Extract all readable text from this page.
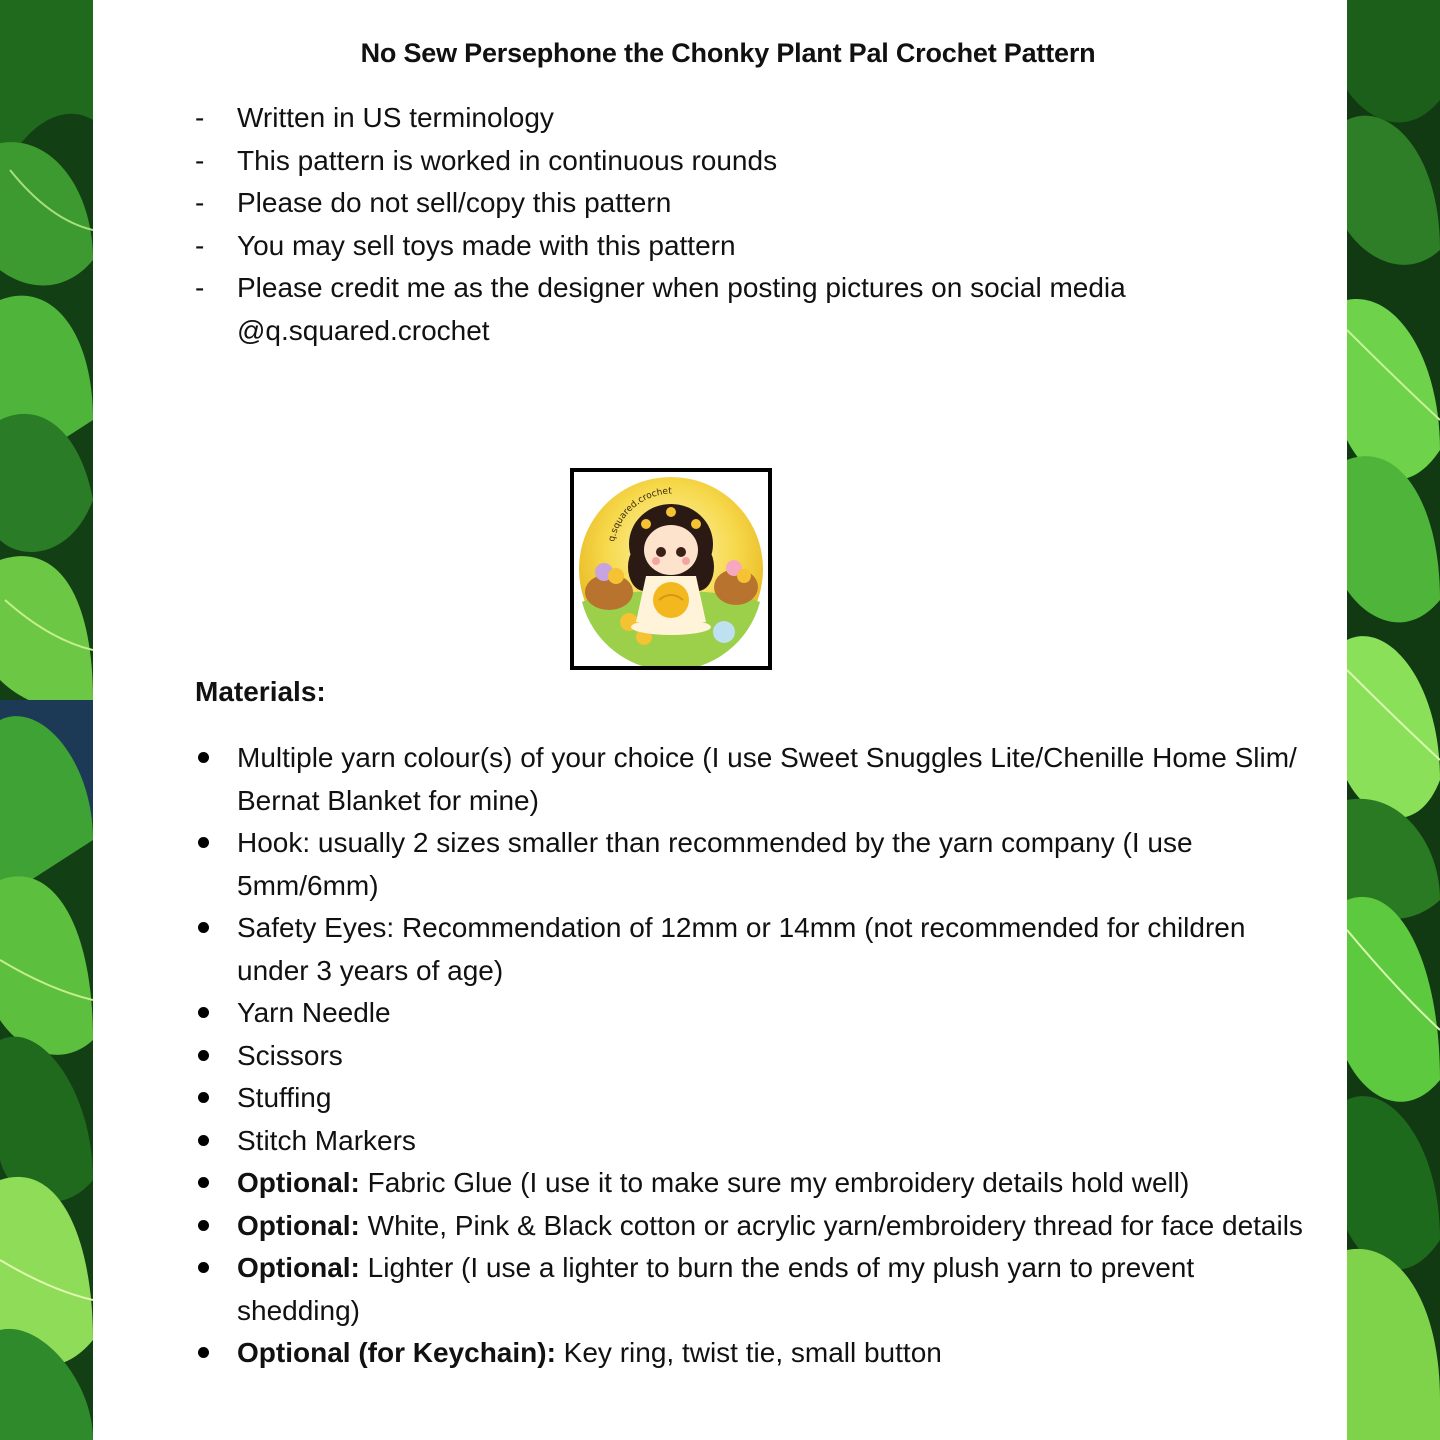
No Sew Persephone the Chonky Plant Pal Crochet Pattern
- Written in US terminology
- This pattern is worked in continuous rounds
- Please do not sell/copy this pattern
- You may sell toys made with this pattern
- Please credit me as the designer when posting pictures on social media
@q.squared.crochet
q.squared.crochet
Materials:
Multiple yarn colour(s) of your choice (I use Sweet Snuggles Lite/Chenille Home Slim/ Bernat Blanket for mine)
Hook: usually 2 sizes smaller than recommended by the yarn company (I use 5mm/6mm)
Safety Eyes: Recommendation of 12mm or 14mm (not recommended for children under 3 years of age)
Yarn Needle
Scissors
Stuffing
Stitch Markers
Optional: Fabric Glue (I use it to make sure my embroidery details hold well)
Optional: White, Pink & Black cotton or acrylic yarn/embroidery thread for face details
Optional: Lighter (I use a lighter to burn the ends of my plush yarn to prevent shedding)
Optional (for Keychain): Key ring, twist tie, small button
